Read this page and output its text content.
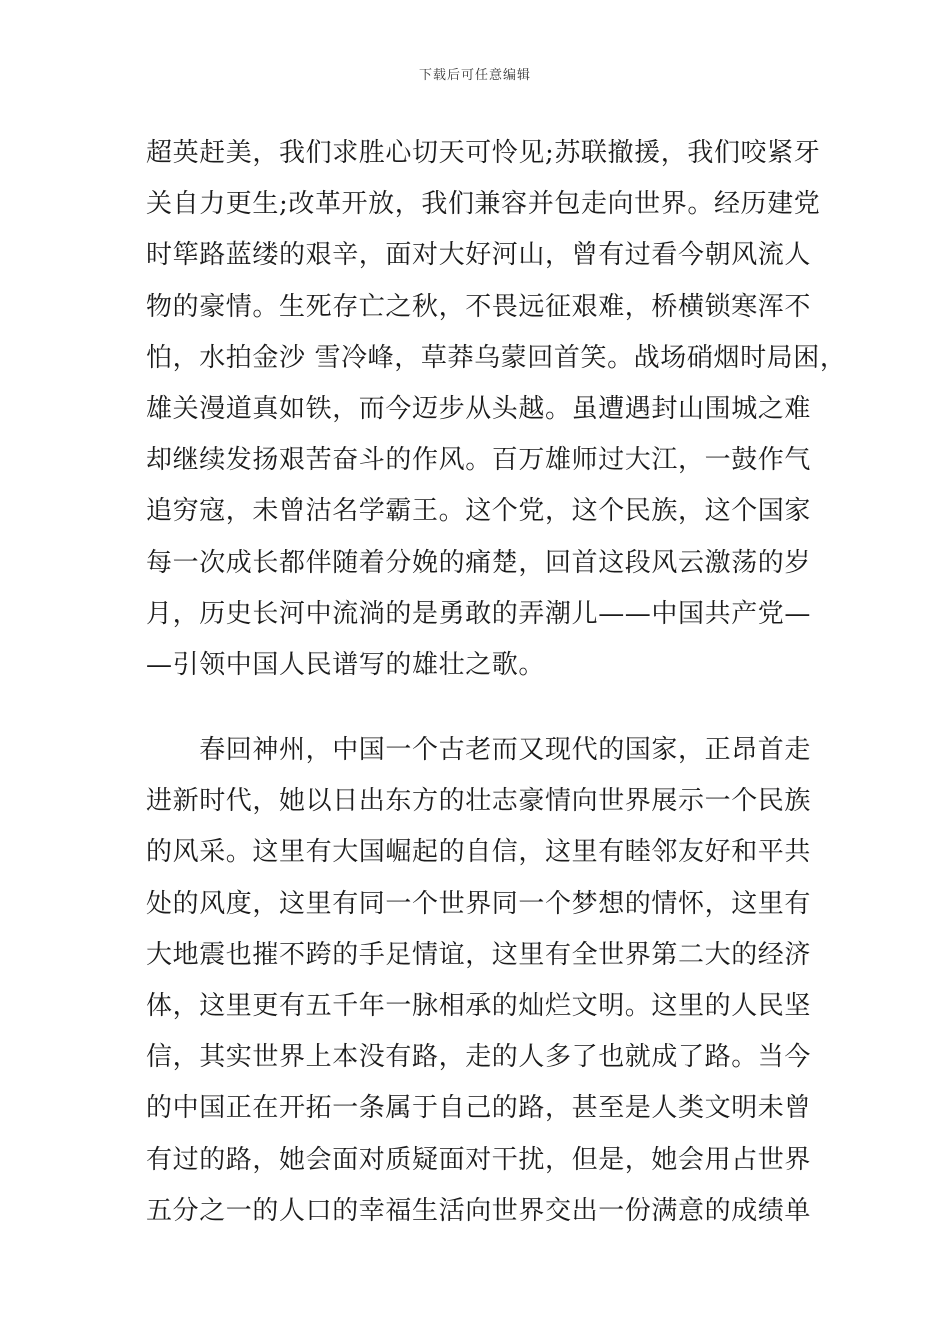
下载后可任意编辑
超英赶美，我们求胜心切天可怜见;苏联撤援，我们咬紧牙
关自力更生;改革开放，我们兼容并包走向世界。经历建党
时筚路蓝缕的艰辛，面对大好河山，曾有过看今朝风流人
物的豪情。生死存亡之秋，不畏远征艰难，桥横锁寒浑不
怕，水拍金沙 雪冷峰，草莽乌蒙回首笑。战场硝烟时局困，
雄关漫道真如铁，而今迈步从头越。虽遭遇封山围城之难
却继续发扬艰苦奋斗的作风。百万雄师过大江，一鼓作气
追穷寇，未曾沽名学霸王。这个党，这个民族，这个国家
每一次成长都伴随着分娩的痛楚，回首这段风云激荡的岁
月，历史长河中流淌的是勇敢的弄潮儿——中国共产党—
—引领中国人民谱写的雄壮之歌。
　　春回神州，中国一个古老而又现代的国家，正昂首走
进新时代，她以日出东方的壮志豪情向世界展示一个民族
的风采。这里有大国崛起的自信，这里有睦邻友好和平共
处的风度，这里有同一个世界同一个梦想的情怀，这里有
大地震也摧不跨的手足情谊，这里有全世界第二大的经济
体，这里更有五千年一脉相承的灿烂文明。这里的人民坚
信，其实世界上本没有路，走的人多了也就成了路。当今
的中国正在开拓一条属于自己的路，甚至是人类文明未曾
有过的路，她会面对质疑面对干扰，但是，她会用占世界
五分之一的人口的幸福生活向世界交出一份满意的成绩单
